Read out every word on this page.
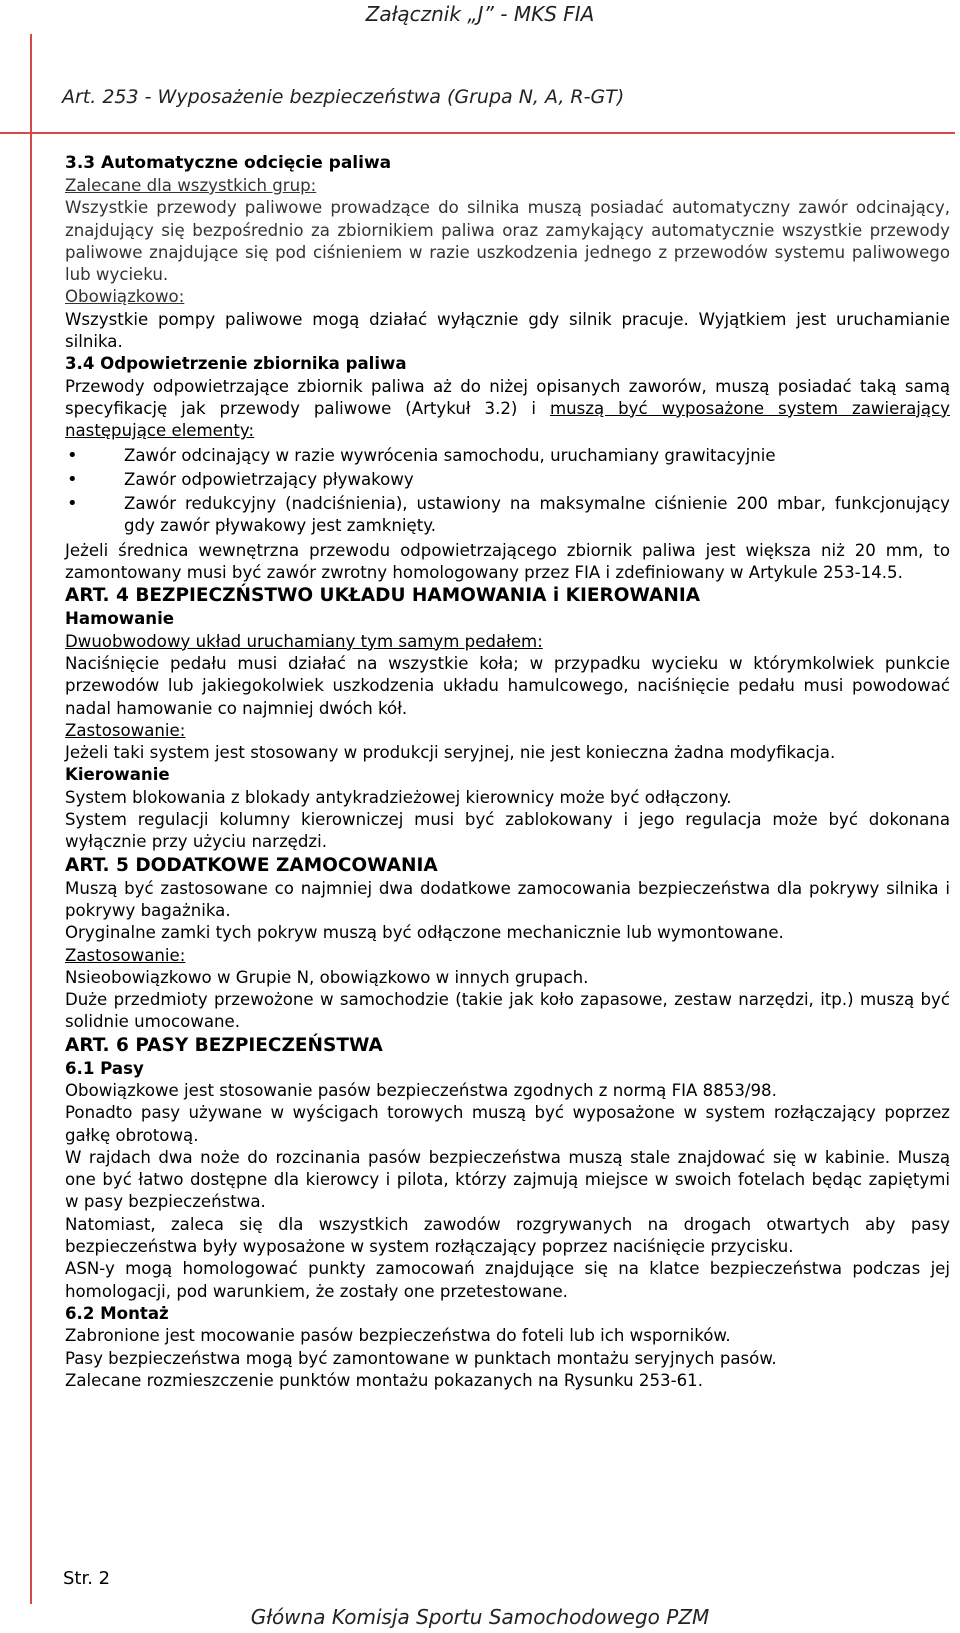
Załącznik „J” - MKS FIA
Art. 253 - Wyposażenie bezpieczeństwa (Grupa N, A, R-GT)

3.3 Automatyczne odcięcie paliwa

Zalecane dla wszystkich grup:

Wszystkie przewody paliwowe prowadzące do silnika muszą posiadać automatyczny zawór odcinający, znajdujący się bezpośrednio za zbiornikiem paliwa oraz zamykający automatycznie wszystkie przewody paliwowe znajdujące się pod ciśnieniem w razie uszkodzenia jednego z przewodów systemu paliwowego lub wycieku.

Obowiązkowo:

Wszystkie pompy paliwowe mogą działać wyłącznie gdy silnik pracuje. Wyjątkiem jest uruchamianie silnika.

3.4 Odpowietrzenie zbiornika paliwa

Przewody odpowietrzające zbiornik paliwa aż do niżej opisanych zaworów, muszą posiadać taką samą specyfikację jak przewody paliwowe (Artykuł 3.2) i muszą być wyposażone system zawierający następujące elementy:

•	Zawór odcinający w razie wywrócenia samochodu, uruchamiany grawitacyjnie
•	Zawór odpowietrzający pływakowy
•	Zawór redukcyjny (nadciśnienia), ustawiony na maksymalne ciśnienie 200 mbar, funkcjonujący gdy zawór pływakowy jest zamknięty.

Jeżeli średnica wewnętrzna przewodu odpowietrzającego zbiornik paliwa jest większa niż 20 mm, to zamontowany musi być zawór zwrotny homologowany przez FIA i zdefiniowany w Artykule 253-14.5.

ART. 4 BEZPIECZŃSTWO UKŁADU HAMOWANIA i KIEROWANIA

Hamowanie

Dwuobwodowy układ uruchamiany tym samym pedałem:

Naciśnięcie pedału musi działać na wszystkie koła; w przypadku wycieku w którymkolwiek punkcie przewodów lub jakiegokolwiek uszkodzenia układu hamulcowego, naciśnięcie pedału musi powodować nadal hamowanie co najmniej dwóch kół.

Zastosowanie:

Jeżeli taki system jest stosowany w produkcji seryjnej, nie jest konieczna żadna modyfikacja.

Kierowanie

System blokowania z blokady antykradzieżowej kierownicy może być odłączony.

System regulacji kolumny kierowniczej musi być zablokowany i jego regulacja może być dokonana wyłącznie przy użyciu narzędzi.

ART. 5 DODATKOWE ZAMOCOWANIA

Muszą być zastosowane co najmniej dwa dodatkowe zamocowania bezpieczeństwa dla pokrywy silnika i pokrywy bagażnika.

Oryginalne zamki tych pokryw muszą być odłączone mechanicznie lub wymontowane.

Zastosowanie:

Nsieobowiązkowo w Grupie N, obowiązkowo w innych grupach.

Duże przedmioty przewożone w samochodzie (takie jak koło zapasowe, zestaw narzędzi, itp.) muszą być solidnie umocowane.

ART. 6 PASY BEZPIECZEŃSTWA

6.1 Pasy

Obowiązkowe jest stosowanie pasów bezpieczeństwa zgodnych z normą FIA 8853/98.

Ponadto pasy używane w wyścigach torowych muszą być wyposażone w system rozłączający poprzez gałkę obrotową.

W rajdach dwa noże do rozcinania pasów bezpieczeństwa muszą stale znajdować się w kabinie. Muszą one być łatwo dostępne dla kierowcy i pilota, którzy zajmują miejsce w swoich fotelach będąc zapiętymi w pasy bezpieczeństwa.

Natomiast, zaleca się dla wszystkich zawodów rozgrywanych na drogach otwartych aby pasy bezpieczeństwa były wyposażone w system rozłączający poprzez naciśnięcie przycisku.

ASN-y mogą homologować punkty zamocowań znajdujące się na klatce bezpieczeństwa podczas jej homologacji, pod warunkiem, że zostały one przetestowane.

6.2 Montaż

Zabronione jest mocowanie pasów bezpieczeństwa do foteli lub ich wsporników.

Pasy bezpieczeństwa mogą być zamontowane w punktach montażu seryjnych pasów.

Zalecane rozmieszczenie punktów montażu pokazanych na Rysunku 253-61.

Str. 2
Główna Komisja Sportu Samochodowego PZM
